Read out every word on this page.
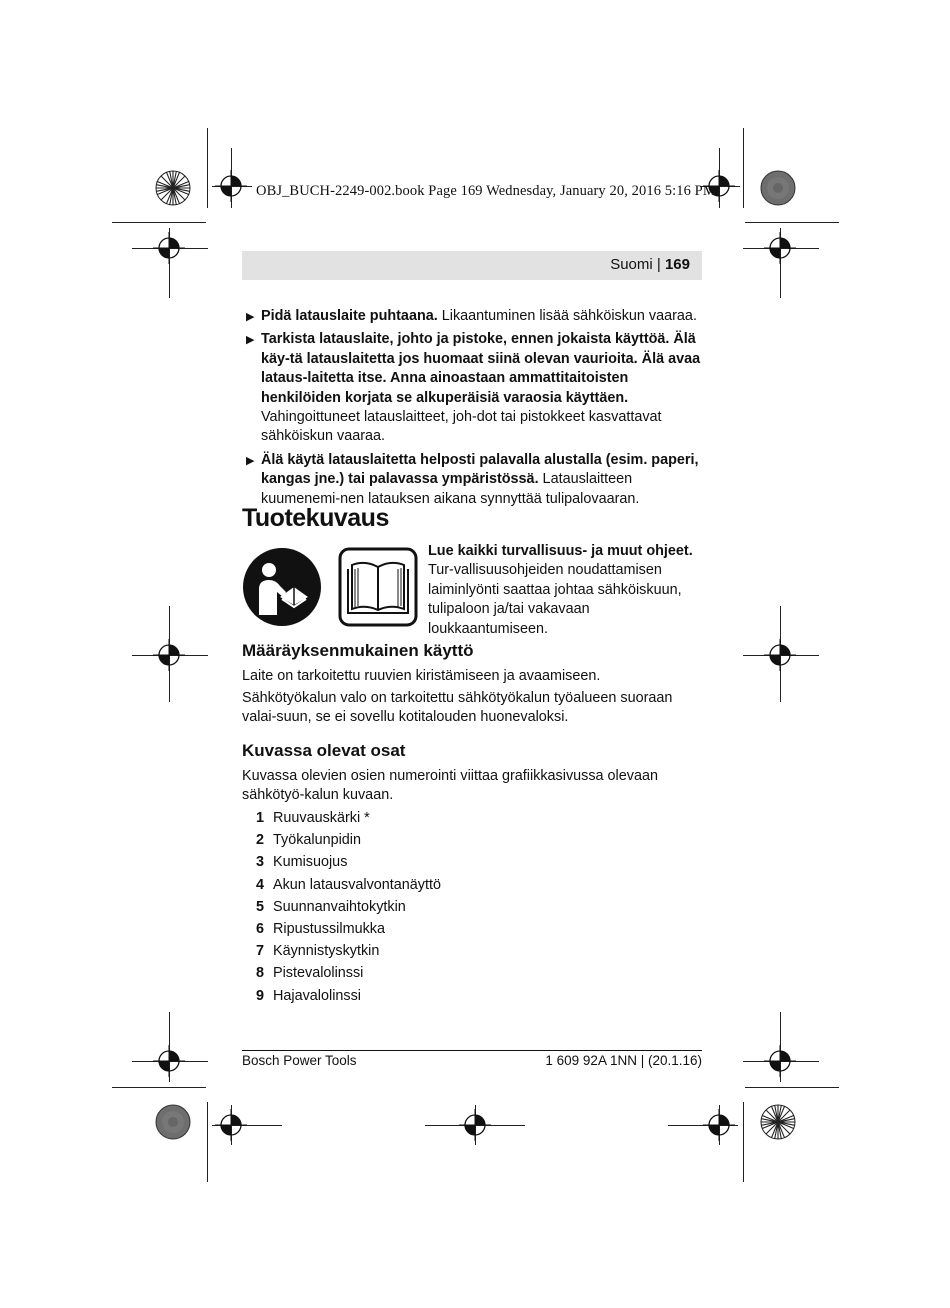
OBJ_BUCH-2249-002.book Page 169 Wednesday, January 20, 2016 5:16 PM
Suomi | 169
▶ Pidä latauslaite puhtaana. Likaantuminen lisää sähköiskun vaaraa.
▶ Tarkista latauslaite, johto ja pistoke, ennen jokaista käyttöä. Älä käy-tä latauslaitetta jos huomaat siinä olevan vaurioita. Älä avaa lataus-laitetta itse. Anna ainoastaan ammattitaitoisten henkilöiden korjata se alkuperäisiä varaosia käyttäen. Vahingoittuneet latauslaitteet, joh-dot tai pistokkeet kasvattavat sähköiskun vaaraa.
▶ Älä käytä latauslaitetta helposti palavalla alustalla (esim. paperi, kangas jne.) tai palavassa ympäristössä. Latauslaitteen kuumenemi-nen latauksen aikana synnyttää tulipalovaaran.
Tuotekuvaus
Lue kaikki turvallisuus- ja muut ohjeet. Tur-vallisuusohjeiden noudattamisen laiminlyönti saattaa johtaa sähköiskuun, tulipaloon ja/tai vakavaan loukkaantumiseen.
Määräyksenmukainen käyttö
Laite on tarkoitettu ruuvien kiristämiseen ja avaamiseen.
Sähkötyökalun valo on tarkoitettu sähkötyökalun työalueen suoraan valai-suun, se ei sovellu kotitalouden huonevaloksi.
Kuvassa olevat osat
Kuvassa olevien osien numerointi viittaa grafiikkasivussa olevaan sähkötyö-kalun kuvaan.
1 Ruuvauskärki *
2 Työkalunpidin
3 Kumisuojus
4 Akun latausvalvontanäyttö
5 Suunnanvaihtokytkin
6 Ripustussilmukka
7 Käynnistyskytkin
8 Pistevalolinssi
9 Hajavalolinssi
Bosch Power Tools	1 609 92A 1NN | (20.1.16)
